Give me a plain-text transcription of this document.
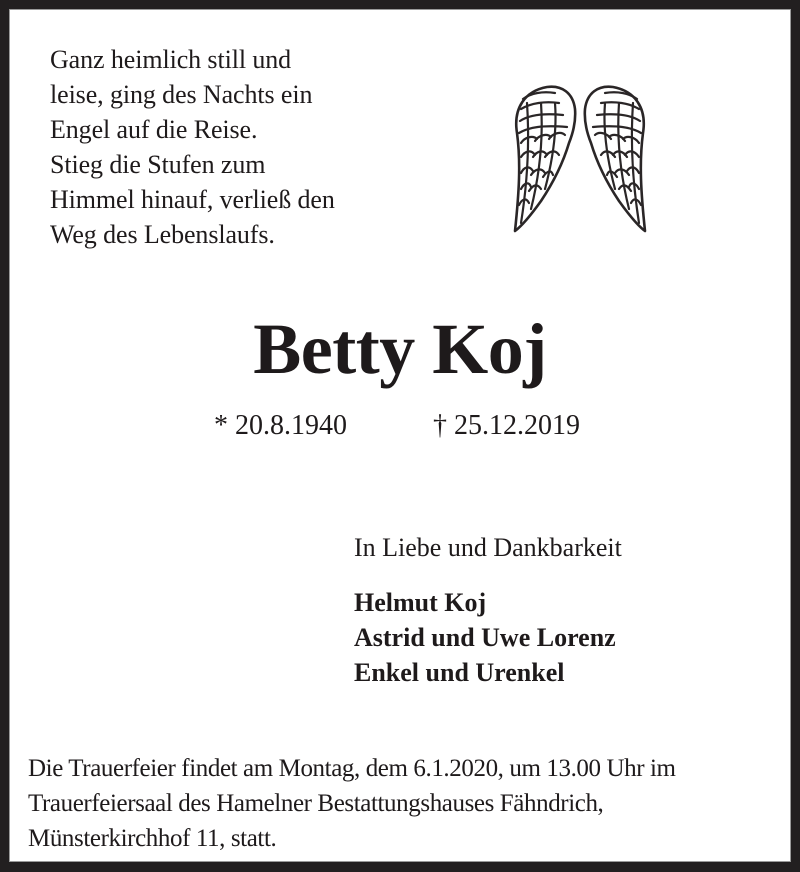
Ganz heimlich still und
leise, ging des Nachts ein
Engel auf die Reise.
Stieg die Stufen zum
Himmel hinauf, verließ den
Weg des Lebenslaufs.
Betty Koj
* 20.8.1940	† 25.12.2019
In Liebe und Dankbarkeit
Helmut Koj
Astrid und Uwe Lorenz
Enkel und Urenkel
Die Trauerfeier findet am Montag, dem 6.1.2020, um 13.00 Uhr im
Trauerfeiersaal des Hamelner Bestattungshauses Fähndrich,
Münsterkirchhof 11, statt.
